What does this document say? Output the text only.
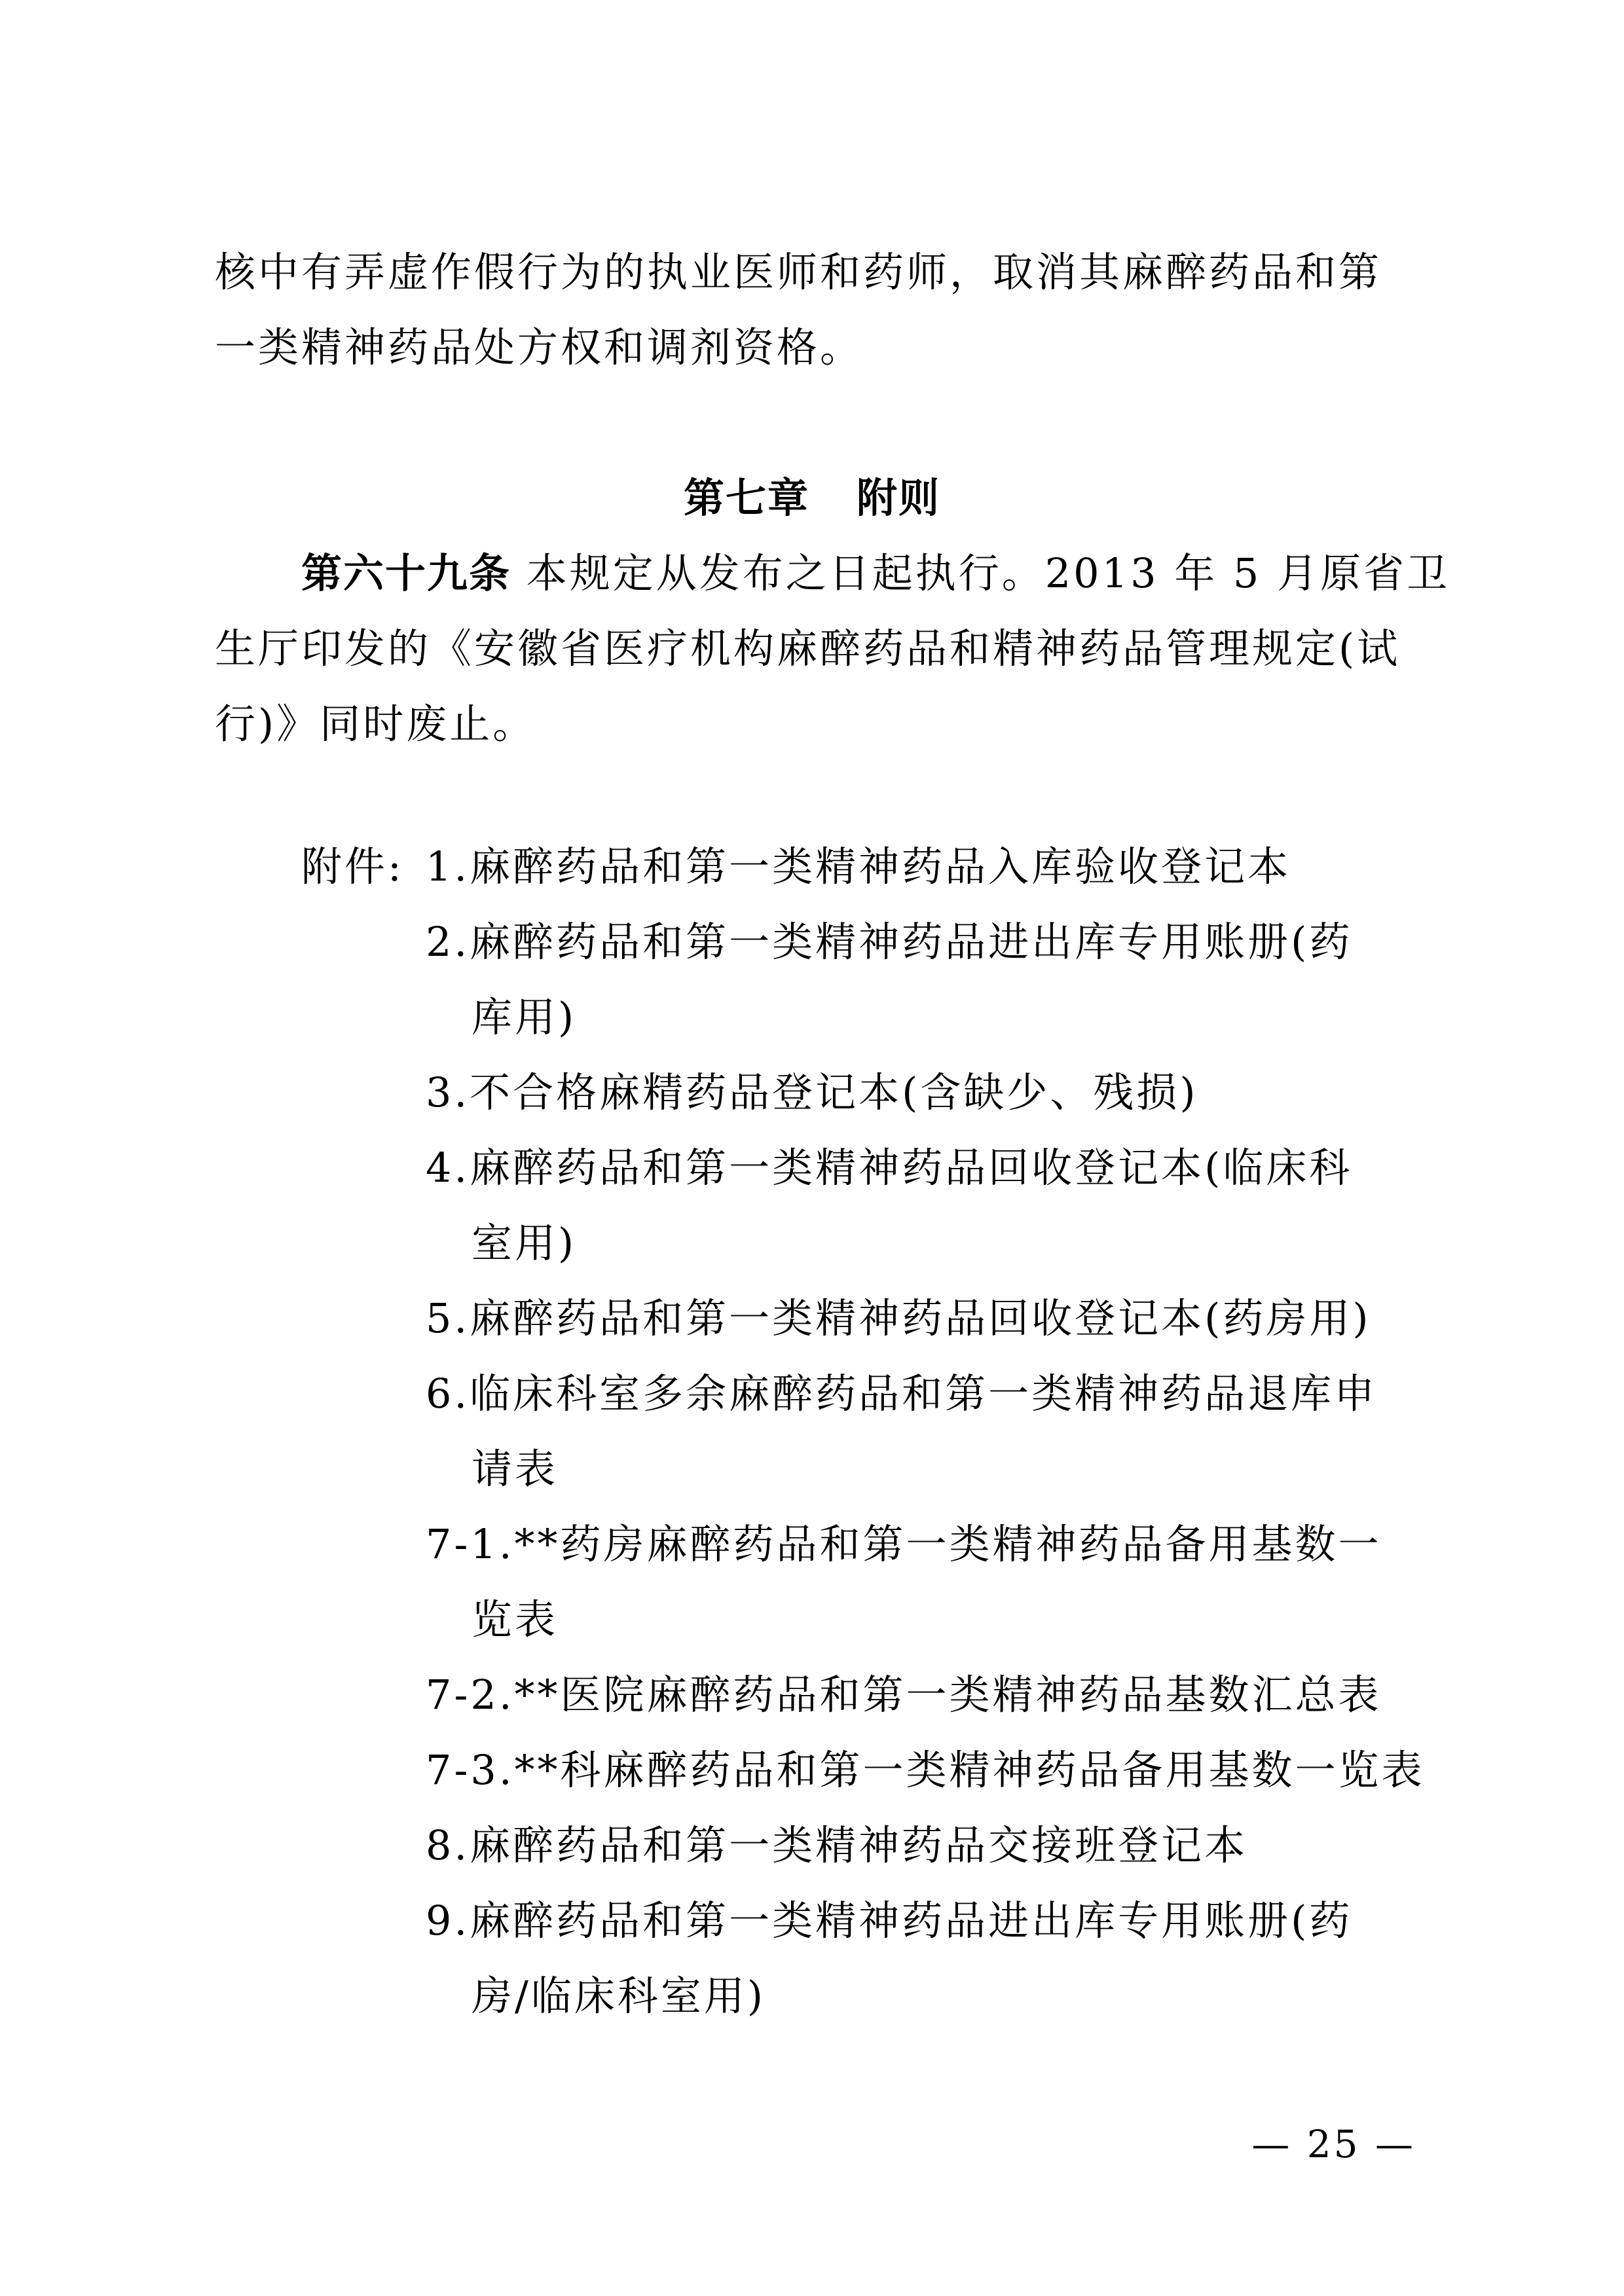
核中有弄虚作假行为的执业医师和药师，取消其麻醉药品和第
一类精神药品处方权和调剂资格。
第七章 附则
第六十九条 本规定从发布之日起执行。2013 年 5 月原省卫
生厅印发的《安徽省医疗机构麻醉药品和精神药品管理规定(试
行)》同时废止。
附件: 1.麻醉药品和第一类精神药品入库验收登记本
2.麻醉药品和第一类精神药品进出库专用账册(药
库用)
3.不合格麻精药品登记本(含缺少、残损)
4.麻醉药品和第一类精神药品回收登记本(临床科
室用)
5.麻醉药品和第一类精神药品回收登记本(药房用)
6.临床科室多余麻醉药品和第一类精神药品退库申
请表
7-1.**药房麻醉药品和第一类精神药品备用基数一
览表
7-2.**医院麻醉药品和第一类精神药品基数汇总表
7-3.**科麻醉药品和第一类精神药品备用基数一览表
8.麻醉药品和第一类精神药品交接班登记本
9.麻醉药品和第一类精神药品进出库专用账册(药
房/临床科室用)
— 25 —
